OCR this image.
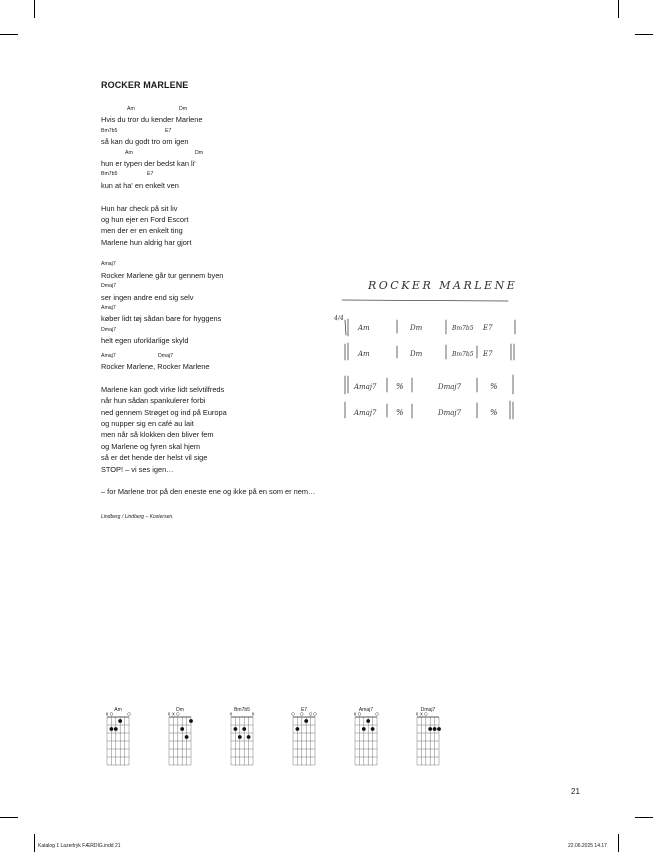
ROCKER MARLENE

Am

	Dm

Hvis du tror du kender Marlene

Bm7b5

	E7

så kan du godt tro om igen

Am

	Dm

hun er typen der bedst kan li'

Bm7b5

	E7

kun at ha' en enkelt ven
Hun har check på sit liv
og hun ejer en Ford Escort
men der er en enkelt ting
Marlene hun aldrig har gjort

Amaj7

Rocker Marlene går tur gennem byen

Dmaj7

ser ingen andre end sig selv

Amaj7

køber lidt tøj sådan bare for hyggens

Dmaj7

helt egen uforklarlige skyld

Amaj7

	Dmaj7

Rocker Marlene, Rocker Marlene
Marlene kan godt virke lidt selvtilfreds
når hun sådan spankulerer forbi
ned gennem Strøget og ind på Europa
og nupper sig en café au lait
men når så klokken den bliver fem
og Marlene og fyren skal hjem
så er det hende der helst vil sige
STOP! – vi ses igen…
– for Marlene tror på den eneste ene og ikke på en som er nem…
Lindberg / Lindberg – Kostersen.
ROCKER MARLENE
4/4
Am	Dm	Bm7b5 E7
Am	Dm	Bm7b5 E7
Amaj7 %	Dmaj7	%
Amaj7 %	Dmaj7	%
Am
x
Dm
x x
Bm7b5
x	x
E7	Amaj7
x
Dmaj7
x x
21
Katalog 1 Lazerlryk FÆRDIG.indd 21	22.06.2025 14.17
